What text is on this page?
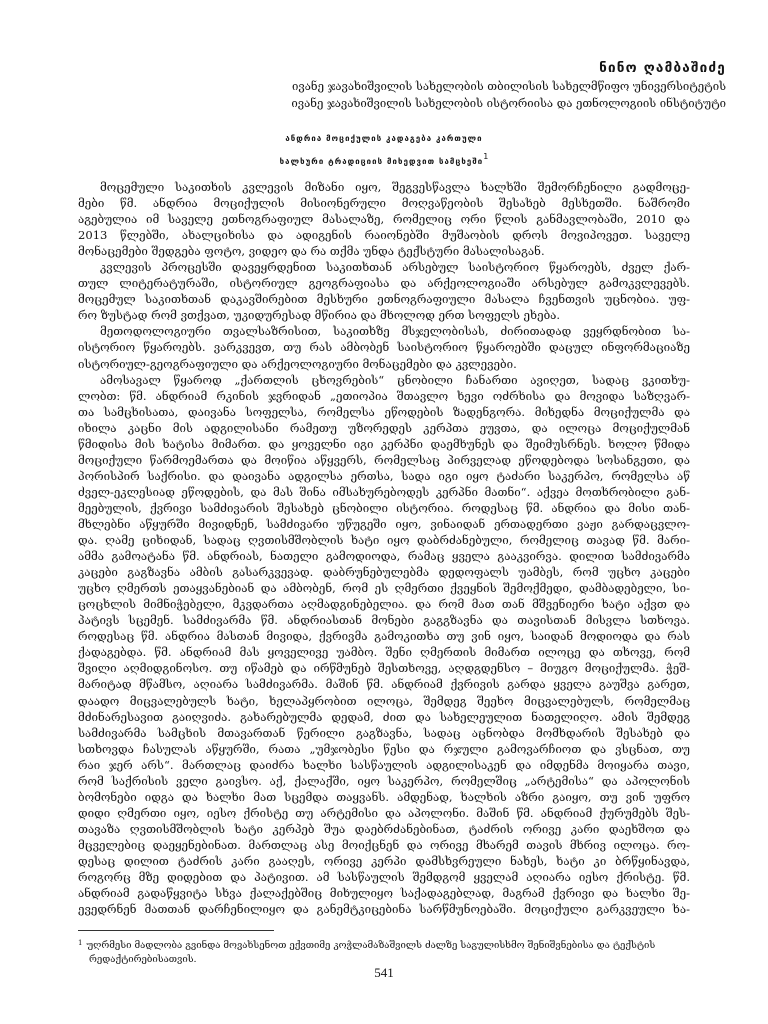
ნინო ღამბაშიძე
ივანე ჯავახიშვილის სახელობის თბილისის სახელმწიფო უნივერსიტეტის
ივანე ჯავახიშვილის სახელობის ისტორიისა და ეთნოლოგიის ინსტიტუტი
ანდრია მოციქულის კადაგება კართული
ხალხური ტრადიციის მიხედვით სამცხეში$^1$
მოცემული საკითხის კვლევის მიზანი იყო, შეგვესწავლა ხალხში შემორჩენილი გადმოცე-
მები წმ. ანდრია მოციქულის მისიონერული მოღვაწეობის შესახებ მესხეთში. ნაშრომი
აგებულია იმ საველე ეთნოგრაფიულ მასალაზე, რომელიც ორი წლის განმავლობაში, 2010 და
2013 წლებში, ახალციხისა და ადიგენის რაიონებში მუშაობის დროს მოვიპოვეთ. საველე
მონაცემები შედგება ფოტო, ვიდეო და რა თქმა უნდა ტექსტური მასალისაგან.
კვლევის პროცესში დავეყრდენით საკითხთან არსებულ საისტორიო წყაროებს, ძველ ქარ-
თულ ლიტერატურაში, ისტორიულ გეოგრაფიასა და არქეოლოგიაში არსებულ გამოკვლევებს.
მოცემულ საკითხთან დაკავშირებით მესხური ეთნოგრაფიული მასალა ჩვენთვის უცნობია. უფ-
რო ზუსტად რომ ვთქვათ, უკიდურესად მწირია და მხოლოდ ერთ სოფელს ეხება.
მეთოდოლოგიური თვალსაზრისით, საკითხზე მსჯელობისას, ძირითადად ვეყრდნობით სა-
ისტორიო წყაროებს. ვარკვევთ, თუ რას ამბობენ საისტორიო წყაროებში დაცულ ინფორმაციაზე
ისტორიულ-გეოგრაფიული და არქეოლოგიური მონაცემები და კვლევები.
ამოსავალ წყაროდ „ქართლის ცხოვრების“ ცნობილი ჩანართი ავიღეთ, სადაც ვკითხუ-
ლობთ: წმ. ანდრიამ რკინის ჯვრიდან „ეთიოპია შთავლო ხევი ოძრხისა და მოვიდა საზღვარ-
თა სამცხისათა, დაივანა სოფელსა, რომელსა ეწოდების ზადენგორა. მიხედნა მოციქულმა და
იხილა კაცნი მის ადგილისანი რამეთუ უზორედეს კერპთა ეუვთა, და ილოცა მოციქულმან
წმიდისა მის ხატისა მიმართ. და ყოველნი იგი კერპნი დაემხუნეს და შეიმუსრნეს. ხოლო წმიდა
მოციქული წარმოემართა და მოიწია აწყვერს, რომელსაც პირველად ეწოდებოდა სოსანგეთი, და
პორისპირ საქრისი. და დაივანა ადგილსა ერთსა, სადა იგი იყო ტაძარი საკერპო, რომელსა აწ
ძველ-ეკლესიად ეწოდების, და მას შინა იმსახურებოდეს კერპნი მათნი“. აქვეა მოთხრობილი გან-
მეებულის, ქვრივი სამძივარის შესახებ ცნობილი ისტორია. როდესაც წმ. ანდრია და მისი თან-
მხლებნი აწყურში მივიდნენ, სამძივარი უწუგეში იყო, ვინაიდან ერთადერთი ვაჟი გარდაცვლო-
და. ღამე ციხიდან, სადაც ღვთისმშობლის ხატი იყო დაბრძანებული, რომელიც თავად წმ. მარი-
ამმა გამოატანა წმ. ანდრიას, ნათელი გამოდიოდა, რამაც ყველა გააკვირვა. დილით სამძივარმა
კაცები გაგზავნა ამბის გასარკვევად. დაბრუნებულებმა დედოფალს უამბეს, რომ უცხო კაცები
უცხო ღმერთს ეთაყვანებიან და ამბობენ, რომ ეს ღმერთი ქვეყნის შემოქმედი, დამბადებელი, სი-
ცოცხლის მიმნიჭებელი, მკვდართა აღმადგინებელია. და რომ მათ თან მშვენიერი ხატი აქვთ და
პატივს სცემენ. სამძივარმა წმ. ანდრიასთან მონები გაგგზავნა და თავისთან მისვლა სთხოვა.
როდესაც წმ. ანდრია მასთან მივიდა, ქვრივმა გამოკითხა თუ ვინ იყო, საიდან მოდიოდა და რას
ქადაგებდა. წმ. ანდრიამ მას ყოველივე უამბო. შენი ღმერთის მიმართ ილოცე და თხოვე, რომ
შვილი აღმიდგინოსო. თუ იწამებ და ირწმუნებ შესთხოვე, აღდგდენსო – მიუგო მოციქულმა. ჭეშ-
მარიტად მწამსო, აღიარა სამძივარმა. მაშინ წმ. ანდრიამ ქვრივის გარდა ყველა გაუშვა გარეთ,
დაადო მიცვალებულს ხატი, ხელაპყრობით ილოცა, შემდეგ შეეხო მიცვალებულს, რომელმაც
მძინარესავით გაიღვიძა. გახარებულმა დედამ, ძით და სახელეულით ნათელიღო. ამის შემდეგ
სამძივარმა სამცხის მთავართან წერილი გაგზავნა, სადაც აცნობდა მომხდარის შესახებ და
სთხოვდა ჩასულას აწყურში, რათა „უმჯობესი წესი და რჯული გამოვარჩიოთ და ვსცნათ, თუ
რაი ჯერ არს“. მართლაც დაიძრა ხალხი სასწაულის ადგილისაკენ და იმდენმა მოიყარა თავი,
რომ საქრისის ველი გაივსო. აქ, ქალაქში, იყო საკერპო, რომელშიც „არტემისა“ და აპოლონის
ბომონები იდგა და ხალხი მათ სცემდა თაყვანს. ამდენად, ხალხის აზრი გაიყო, თუ ვინ უფრო
დიდი ღმერთი იყო, იესო ქრისტე თუ არტემისი და აპოლონი. მაშინ წმ. ანდრიამ ქურუმებს შეს-
თავაზა ღვთისმშობლის ხატი კერპებ შუა დაებრძანებინათ, ტაძრის ორივე კარი დაეხშოთ და
მცველებიც დაეყენებინათ. მართლაც ასე მოიქცნენ და ორივე მხარემ თავის მხრივ ილოცა. რო-
დესაც დილით ტაძრის კარი გააღეს, ორივე კერპი დამსხვრეული ნახეს, ხატი კი ბრწყინავდა,
როგორც მზე დიდებით და პატივით. ამ სასწაულის შემდგომ ყველამ აღიარა იესო ქრისტე. წმ.
ანდრიამ გადაწყვიტა სხვა ქალაქებშიც მიხულიყო საქადაგებლად, მაგრამ ქვრივი და ხალხი შე-
ევედრნენ მათთან დარჩენილიყო და განემტკიცებინა სარწმუნოებაში. მოციქული გარკვეული ხა-
$^1$ უღრმესი მადლობა გვინდა მოვახსენოთ ექვთიმე კოჭლამაზაშვილს ძალზე საგულისხმო შენიშვნებისა და ტექსტის
რედაქტირებისათვის.
541
